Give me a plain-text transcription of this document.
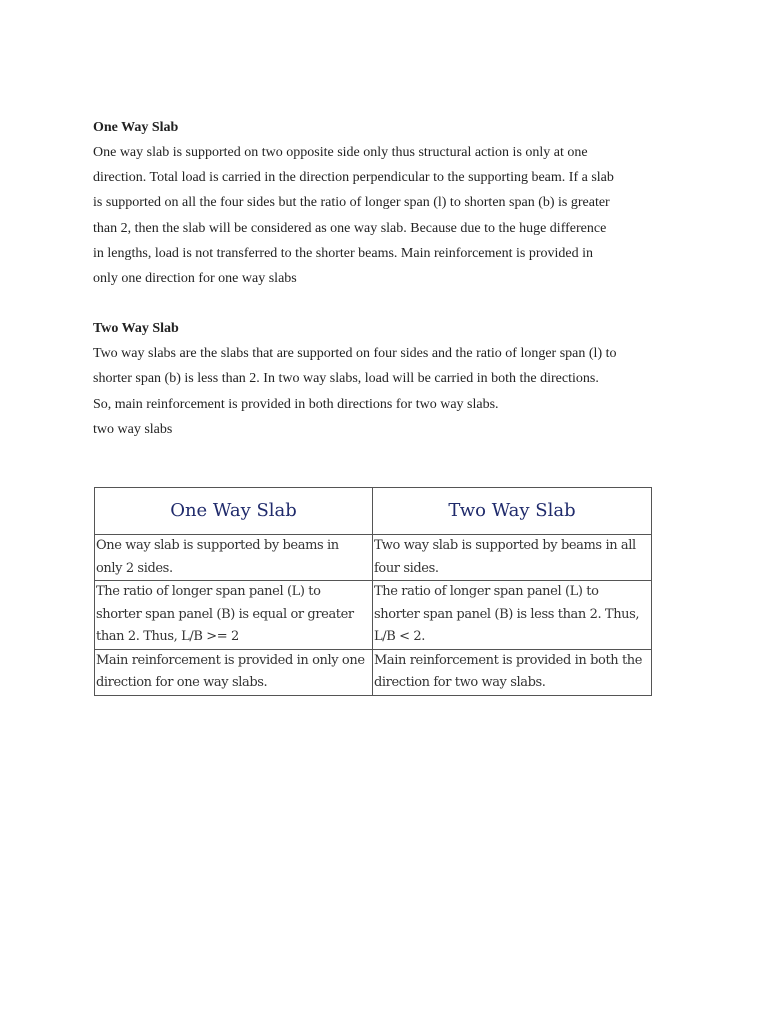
One Way Slab

One way slab is supported on two opposite side only thus structural action is only at one
direction. Total load is carried in the direction perpendicular to the supporting beam. If a slab
is supported on all the four sides but the ratio of longer span (l) to shorten span (b) is greater
than 2, then the slab will be considered as one way slab. Because due to the huge difference
in lengths, load is not transferred to the shorter beams. Main reinforcement is provided in
only one direction for one way slabs

Two Way Slab

Two way slabs are the slabs that are supported on four sides and the ratio of longer span (l) to
shorter span (b) is less than 2. In two way slabs, load will be carried in both the directions.
So, main reinforcement is provided in both directions for two way slabs.
two way slabs

One Way Slab	Two Way Slab

One way slab is supported by beams in
only 2 sides.	Two way slab is supported by beams in all
four sides.

The ratio of longer span panel (L) to
shorter span panel (B) is equal or greater
than 2. Thus, L/B >= 2	The ratio of longer span panel (L) to
shorter span panel (B) is less than 2. Thus,
L/B < 2.

Main reinforcement is provided in only one
direction for one way slabs.	Main reinforcement is provided in both the
direction for two way slabs.
